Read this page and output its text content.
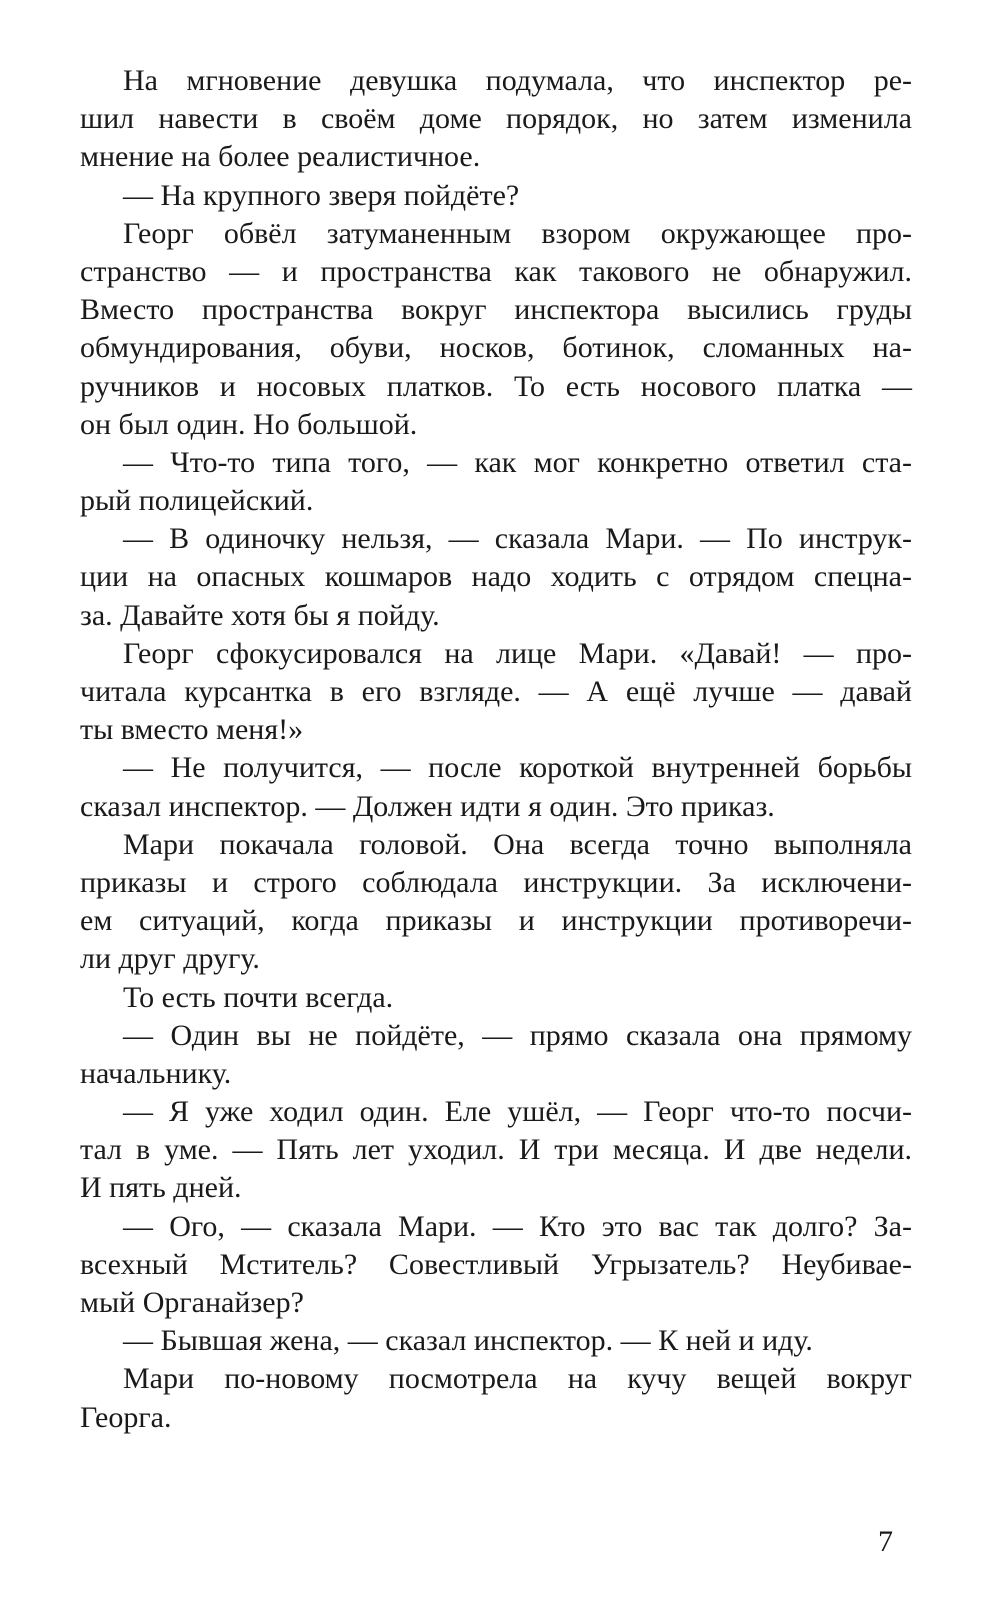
На мгновение девушка подумала, что инспектор ре-
шил навести в своём доме порядок, но затем изменила
мнение на более реалистичное.
— На крупного зверя пойдёте?
Георг обвёл затуманенным взором окружающее про-
странство — и пространства как такового не обнаружил.
Вместо пространства вокруг инспектора высились груды
обмундирования, обуви, носков, ботинок, сломанных на-
ручников и носовых платков. То есть носового платка —
он был один. Но большой.
— Что-то типа того, — как мог конкретно ответил ста-
рый полицейский.
— В одиночку нельзя, — сказала Мари. — По инструк-
ции на опасных кошмаров надо ходить с отрядом спецна-
за. Давайте хотя бы я пойду.
Георг сфокусировался на лице Мари. «Давай! — про-
читала курсантка в его взгляде. — А ещё лучше — давай
ты вместо меня!»
— Не получится, — после короткой внутренней борьбы
сказал инспектор. — Должен идти я один. Это приказ.
Мари покачала головой. Она всегда точно выполняла
приказы и строго соблюдала инструкции. За исключени-
ем ситуаций, когда приказы и инструкции противоречи-
ли друг другу.
То есть почти всегда.
— Один вы не пойдёте, — прямо сказала она прямому
начальнику.
— Я уже ходил один. Еле ушёл, — Георг что-то посчи-
тал в уме. — Пять лет уходил. И три месяца. И две недели.
И пять дней.
— Ого, — сказала Мари. — Кто это вас так долго? За-
всехный Мститель? Совестливый Угрызатель? Неубивае-
мый Органайзер?
— Бывшая жена, — сказал инспектор. — К ней и иду.
Мари по-новому посмотрела на кучу вещей вокруг
Георга.
7
